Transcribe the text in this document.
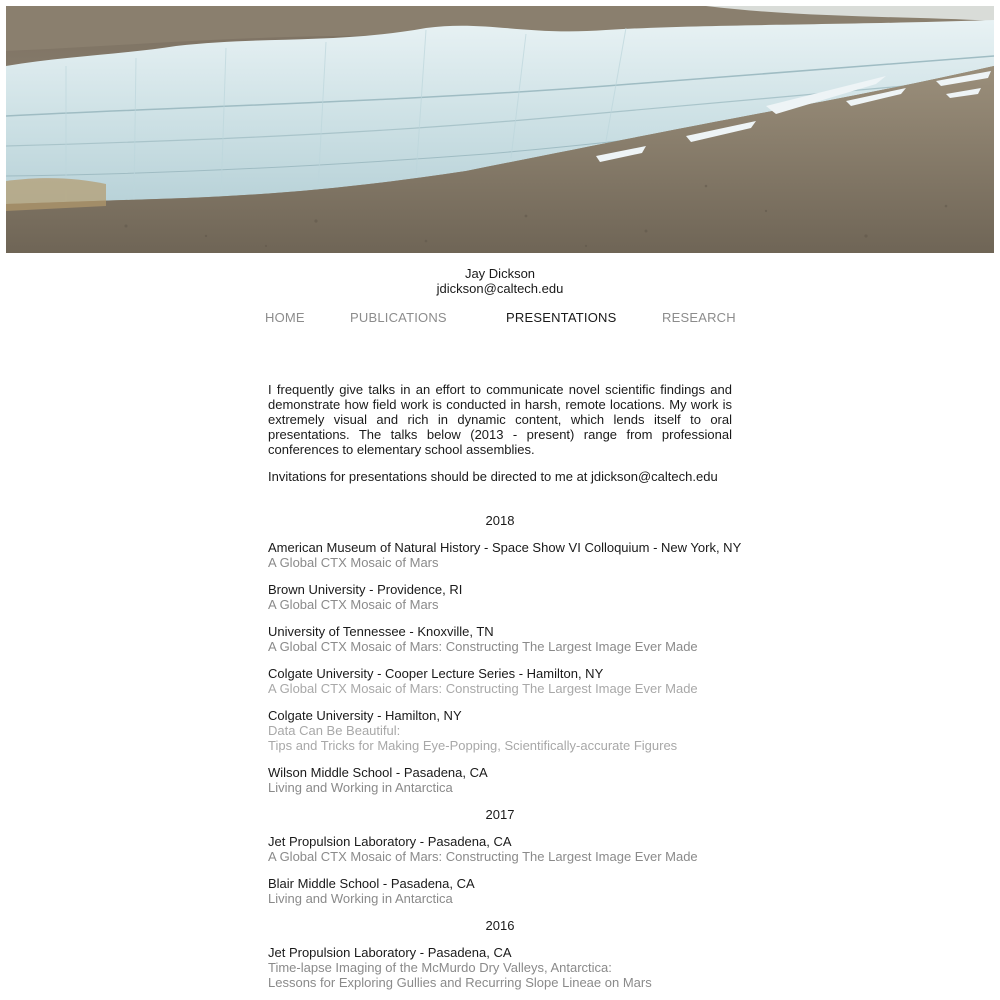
Jay Dickson
jdickson@caltech.edu
HOME	PUBLICATIONS	PRESENTATIONS	RESEARCH

I frequently give talks in an effort to communicate novel scientific findings and demonstrate how field work is conducted in harsh, remote locations. My work is extremely visual and rich in dynamic content, which lends itself to oral presentations. The talks below (2013 - present) range from professional conferences to elementary school assemblies.

Invitations for presentations should be directed to me at jdickson@caltech.edu

2018
American Museum of Natural History - Space Show VI Colloquium - New York, NY
A Global CTX Mosaic of Mars
Brown University - Providence, RI
A Global CTX Mosaic of Mars
University of Tennessee - Knoxville, TN
A Global CTX Mosaic of Mars: Constructing The Largest Image Ever Made
Colgate University - Cooper Lecture Series - Hamilton, NY
A Global CTX Mosaic of Mars: Constructing The Largest Image Ever Made
Colgate University - Hamilton, NY
Data Can Be Beautiful:
Tips and Tricks for Making Eye-Popping, Scientifically-accurate Figures
Wilson Middle School - Pasadena, CA
Living and Working in Antarctica
2017
Jet Propulsion Laboratory - Pasadena, CA
A Global CTX Mosaic of Mars: Constructing The Largest Image Ever Made
Blair Middle School - Pasadena, CA
Living and Working in Antarctica
2016
Jet Propulsion Laboratory - Pasadena, CA
Time-lapse Imaging of the McMurdo Dry Valleys, Antarctica:
Lessons for Exploring Gullies and Recurring Slope Lineae on Mars
